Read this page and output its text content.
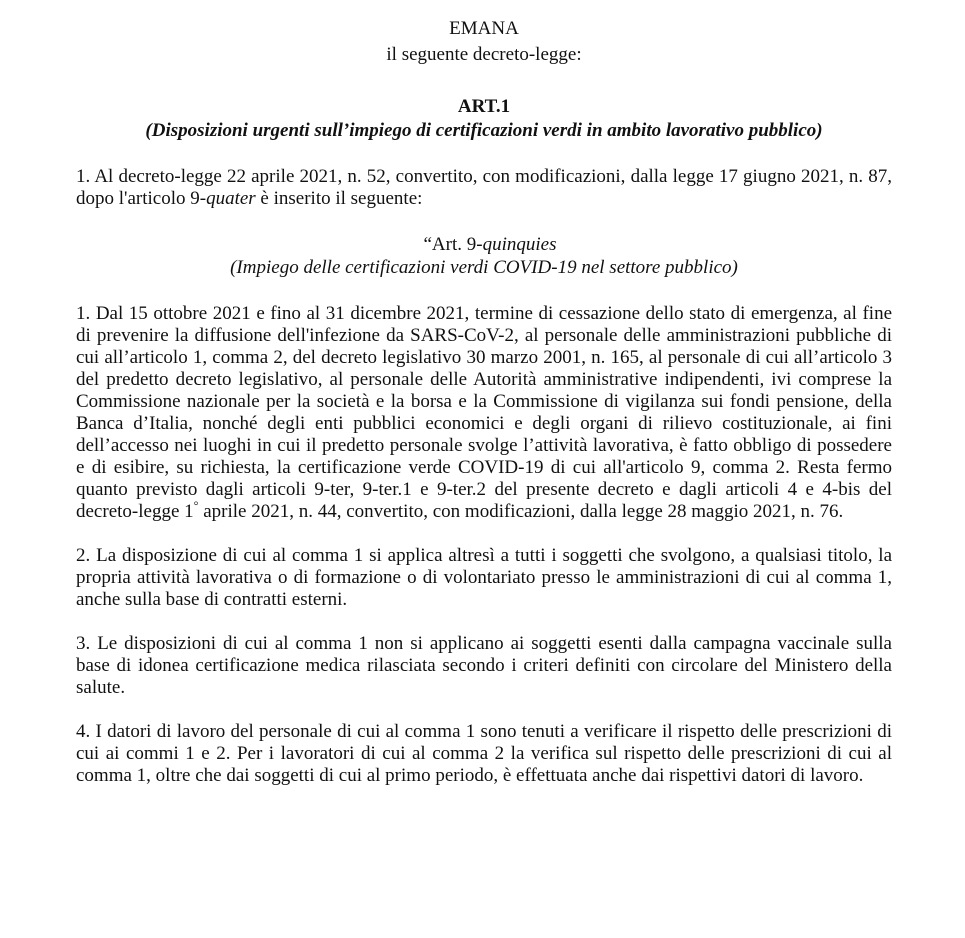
EMANA

il seguente decreto-legge:

ART.1

(Disposizioni urgenti sull’impiego di certificazioni verdi in ambito lavorativo pubblico)

1. Al decreto-legge 22 aprile 2021, n. 52, convertito, con modificazioni, dalla legge 17 giugno 2021, n. 87, dopo l'articolo 9-quater è inserito il seguente:

“Art. 9-quinquies
(Impiego delle certificazioni verdi COVID-19 nel settore pubblico)

1. Dal 15 ottobre 2021 e fino al 31 dicembre 2021, termine di cessazione dello stato di emergenza, al fine di prevenire la diffusione dell'infezione da SARS-CoV-2, al personale delle amministrazioni pubbliche di cui all’articolo 1, comma 2, del decreto legislativo 30 marzo 2001, n. 165, al personale di cui all’articolo 3 del predetto decreto legislativo, al personale delle Autorità amministrative indipendenti, ivi comprese la Commissione nazionale per la società e la borsa e la Commissione di vigilanza sui fondi pensione, della Banca d’Italia, nonché degli enti pubblici economici e degli organi di rilievo costituzionale, ai fini dell’accesso nei luoghi in cui il predetto personale svolge l’attività lavorativa, è fatto obbligo di possedere e di esibire, su richiesta, la certificazione verde COVID-19 di cui all'articolo 9, comma 2. Resta fermo quanto previsto dagli articoli 9-ter, 9-ter.1 e 9-ter.2 del presente decreto e dagli articoli 4 e 4-bis del decreto-legge 1° aprile 2021, n. 44, convertito, con modificazioni, dalla legge 28 maggio 2021, n. 76.

2. La disposizione di cui al comma 1 si applica altresì a tutti i soggetti che svolgono, a qualsiasi titolo, la propria attività lavorativa o di formazione o di volontariato presso le amministrazioni di cui al comma 1, anche sulla base di contratti esterni.

3. Le disposizioni di cui al comma 1 non si applicano ai soggetti esenti dalla campagna vaccinale sulla base di idonea certificazione medica rilasciata secondo i criteri definiti con circolare del Ministero della salute.

4. I datori di lavoro del personale di cui al comma 1 sono tenuti a verificare il rispetto delle prescrizioni di cui ai commi 1 e 2. Per i lavoratori di cui al comma 2 la verifica sul rispetto delle prescrizioni di cui al comma 1, oltre che dai soggetti di cui al primo periodo, è effettuata anche dai rispettivi datori di lavoro.
